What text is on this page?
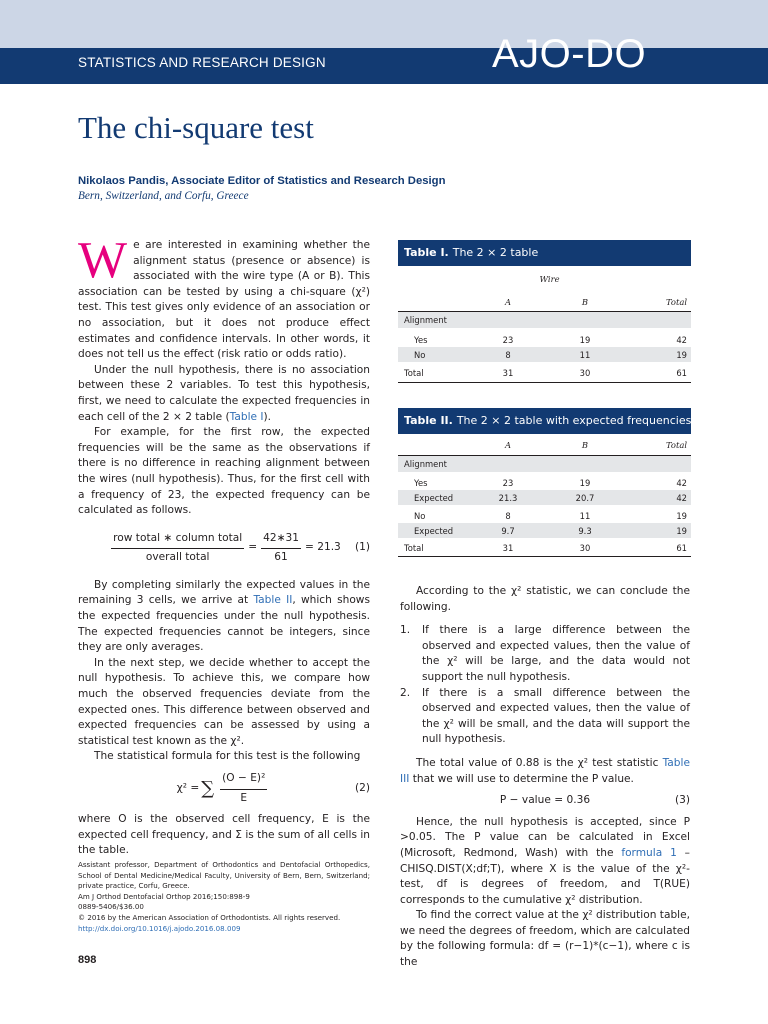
STATISTICS AND RESEARCH DESIGN	AJO-DO
The chi-square test
Nikolaos Pandis, Associate Editor of Statistics and Research Design
Bern, Switzerland, and Corfu, Greece

We are interested in examining whether the alignment status (presence or absence) is associated with the wire type (A or B). This association can be tested by using a chi-square (χ²) test. This test gives only evidence of an association or no association, but it does not produce effect estimates and confidence intervals. In other words, it does not tell us the effect (risk ratio or odds ratio).

Under the null hypothesis, there is no association between these 2 variables. To test this hypothesis, first, we need to calculate the expected frequencies in each cell of the 2 × 2 table (Table I).

For example, for the first row, the expected frequencies will be the same as the observations if there is no difference in reaching alignment between the wires (null hypothesis). Thus, for the first cell with a frequency of 23, the expected frequency can be calculated as follows.

$\frac{\text{row total ∗ column total}}{\text{overall total}} = \frac{42∗31}{61} = 21.3$ (1)

By completing similarly the expected values in the remaining 3 cells, we arrive at Table II, which shows the expected frequencies under the null hypothesis. The expected frequencies cannot be integers, since they are only averages.

In the next step, we decide whether to accept the null hypothesis. To achieve this, we compare how much the observed frequencies deviate from the expected ones. This difference between observed and expected frequencies can be assessed by using a statistical test known as the χ².

The statistical formula for this test is the following

χ² = ∑ $\frac{\text{(O − E)²}}{E}$	(2)

where O is the observed cell frequency, E is the expected cell frequency, and Σ is the sum of all cells in the table.

Assistant professor, Department of Orthodontics and Dentofacial Orthopedics, School of Dental Medicine/Medical Faculty, University of Bern, Bern, Switzerland; private practice, Corfu, Greece.
Am J Orthod Dentofacial Orthop 2016;150:898-9
0889-5406/$36.00
© 2016 by the American Association of Orthodontists. All rights reserved.
http://dx.doi.org/10.1016/j.ajodo.2016.08.009
898
Table I. The 2 × 2 table
Wire
A	B	Total
Alignment
Yes	23	19	42
No	8	11	19
Total	31	30	61
Table II. The 2 × 2 table with expected frequencies
A	B	Total
Alignment
Yes	23	19	42
Expected	21.3	20.7	42
No	8	11	19
Expected	9.7	9.3	19
Total	31	30	61

According to the χ² statistic, we can conclude the following.

1. If there is a large difference between the observed and expected values, then the value of the χ² will be large, and the data would not support the null hypothesis.
2. If there is a small difference between the observed and expected values, then the value of the χ² will be small, and the data will support the null hypothesis.

The total value of 0.88 is the χ² test statistic Table III that we will use to determine the P value.

P − value = 0.36	(3)

Hence, the null hypothesis is accepted, since P >0.05. The P value can be calculated in Excel (Microsoft, Redmond, Wash) with the formula 1 – CHISQ.DIST(X;df;T), where X is the value of the χ²-test, df is degrees of freedom, and T(RUE) corresponds to the cumulative χ² distribution.

To find the correct value at the χ² distribution table, we need the degrees of freedom, which are calculated by the following formula: df = (r−1)*(c−1), where c is the
